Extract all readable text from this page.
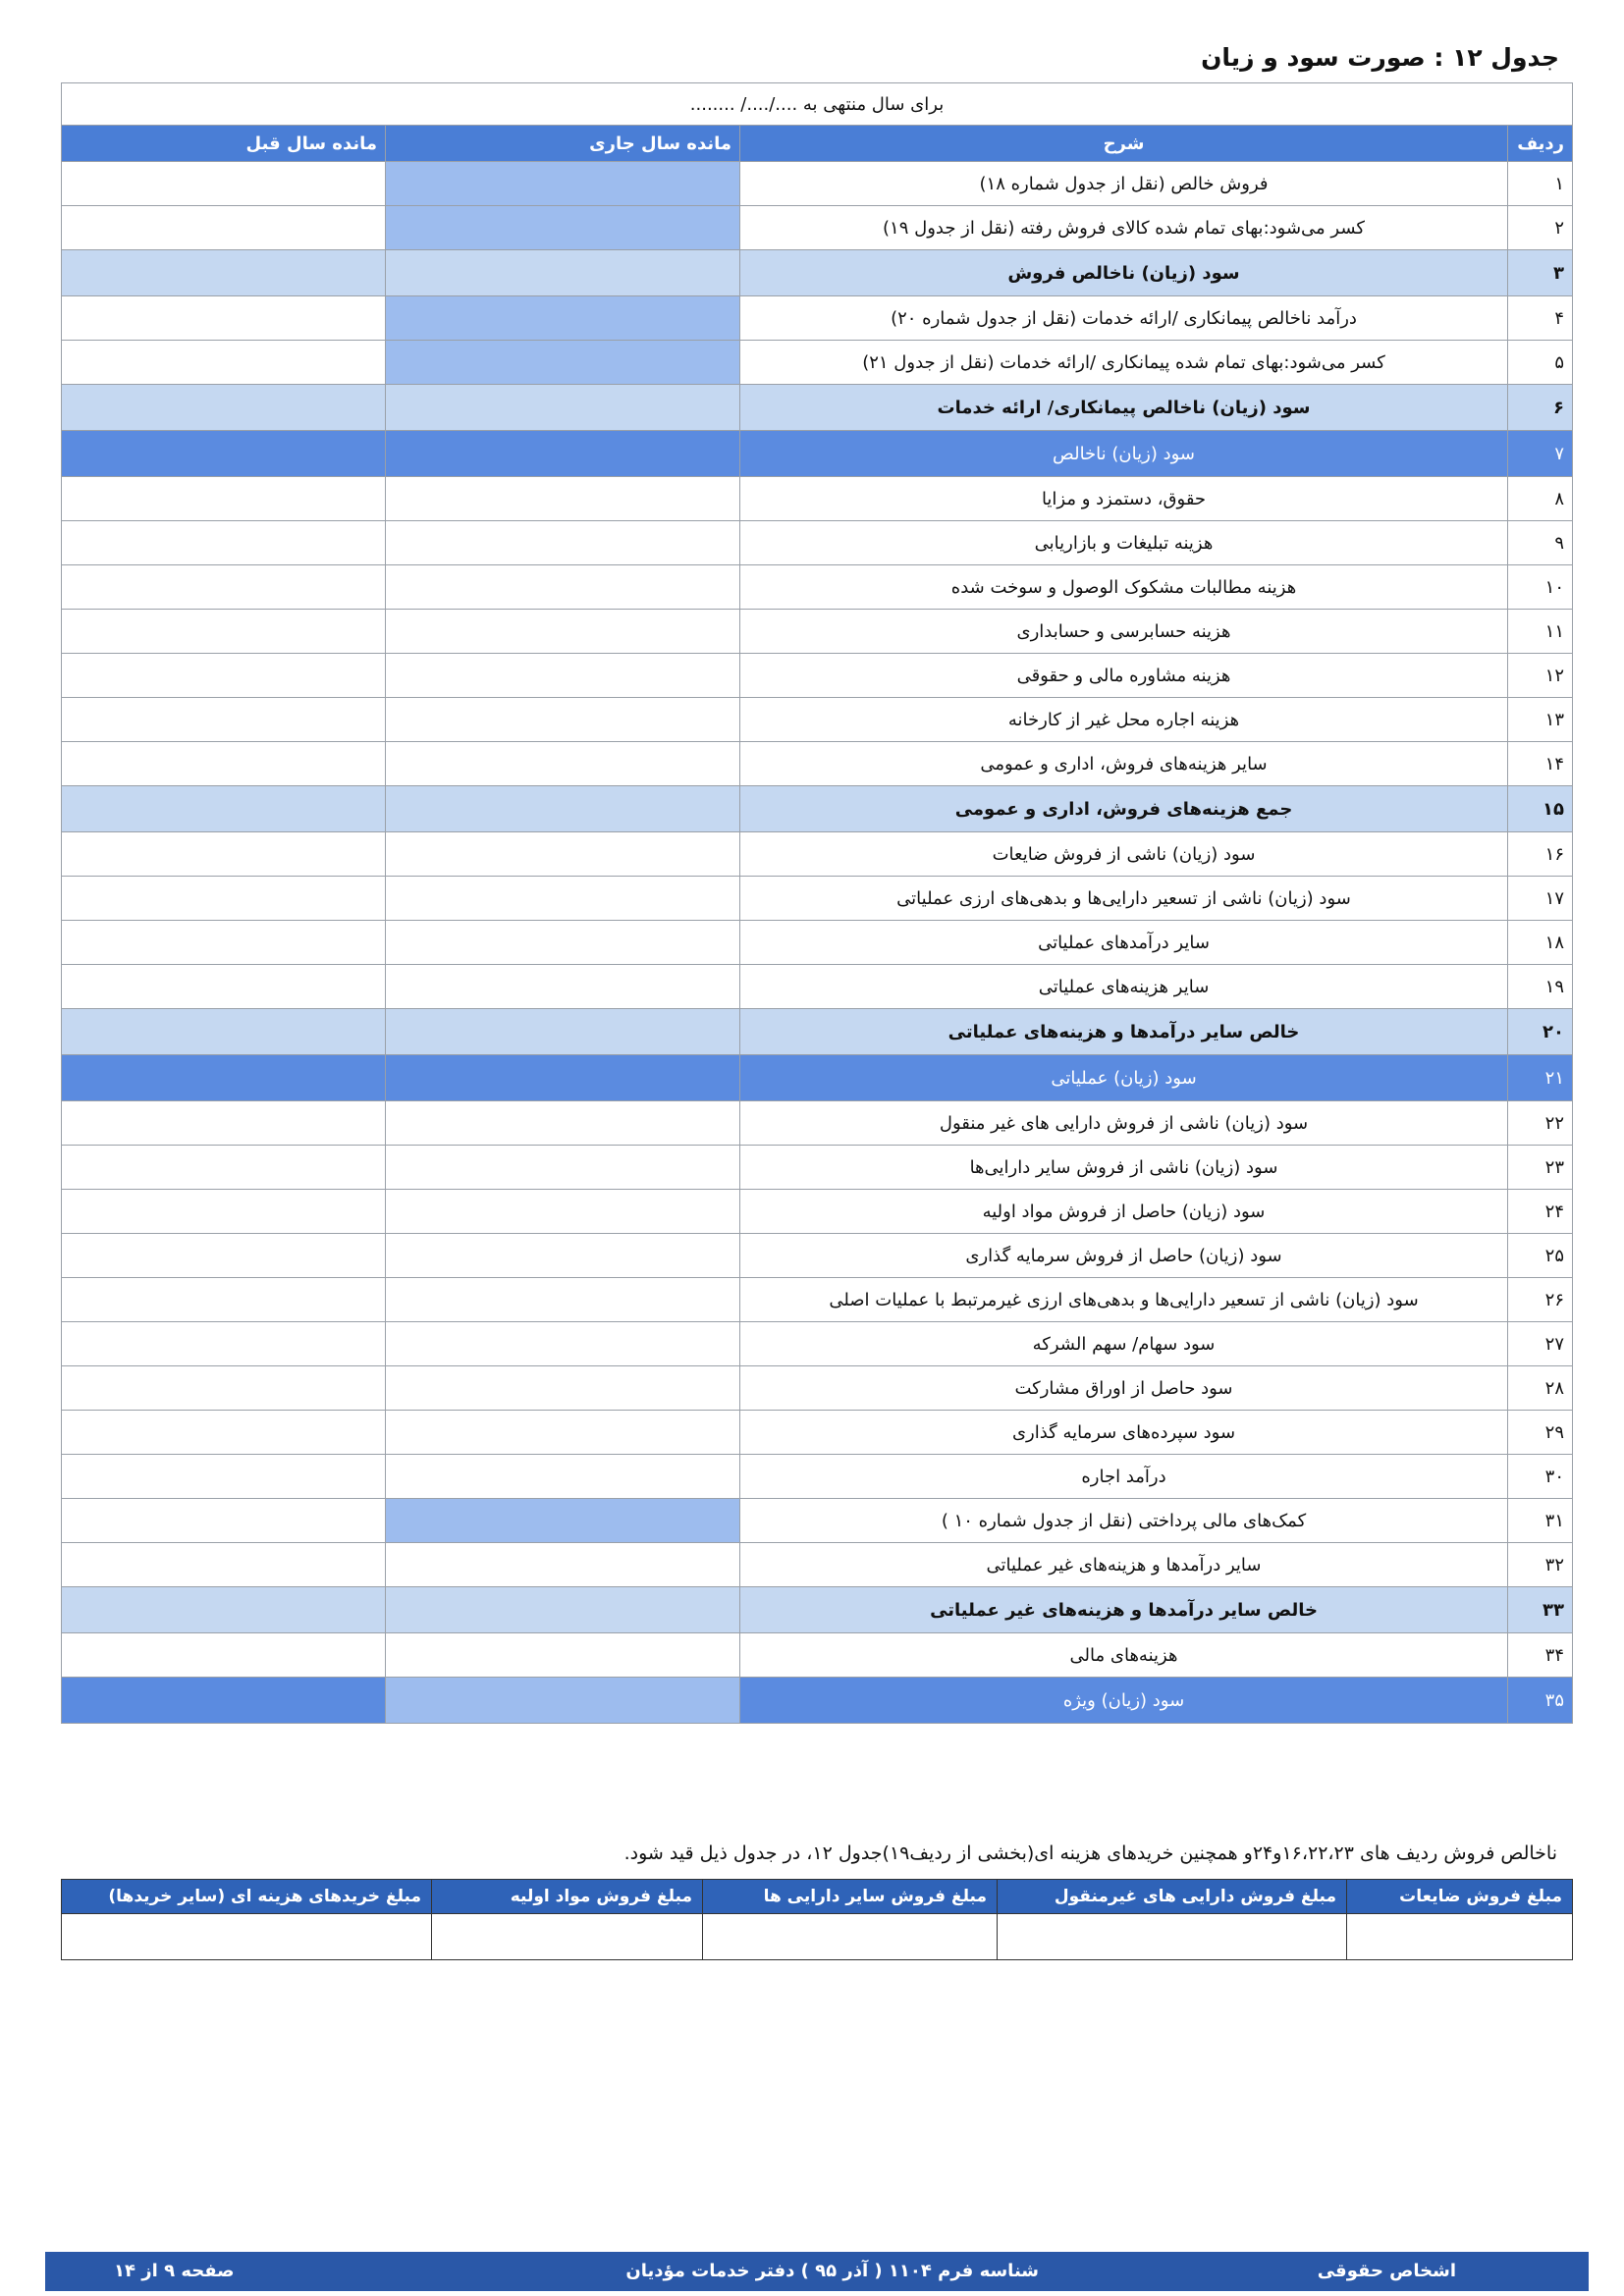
جدول ۱۲ : صورت سود و زیان
برای سال منتهی به ..../..../ ........			
ردیف	شرح	مانده سال جاری	مانده سال قبل
۱	فروش خالص (نقل از جدول شماره ۱۸)		
۲	کسر می‌شود:بهای تمام شده کالای فروش رفته (نقل از جدول ۱۹)		
۳	سود (زیان) ناخالص فروش		
۴	درآمد ناخالص پیمانکاری /ارائه خدمات (نقل از جدول شماره ۲۰)		
۵	کسر می‌شود:بهای تمام شده پیمانکاری /ارائه خدمات (نقل از جدول ۲۱)		
۶	سود (زیان) ناخالص پیمانکاری/ ارائه خدمات		
۷	سود (زیان) ناخالص		
۸	حقوق، دستمزد و مزایا		
۹	هزینه تبلیغات و بازاریابی		
۱۰	هزینه مطالبات مشکوک الوصول و سوخت شده		
۱۱	هزینه حسابرسی و حسابداری		
۱۲	هزینه مشاوره مالی و حقوقی		
۱۳	هزینه اجاره محل غیر از کارخانه		
۱۴	سایر هزینه‌های فروش، اداری و عمومی		
۱۵	جمع هزینه‌های فروش، اداری و عمومی		
۱۶	سود (زیان) ناشی از فروش ضایعات		
۱۷	سود (زیان) ناشی از تسعیر دارایی‌ها و بدهی‌های ارزی عملیاتی		
۱۸	سایر درآمدهای عملیاتی		
۱۹	سایر هزینه‌های عملیاتی		
۲۰	خالص سایر درآمدها و هزینه‌های عملیاتی		
۲۱	سود (زیان) عملیاتی		
۲۲	سود (زیان) ناشی از فروش دارایی های غیر منقول		
۲۳	سود (زیان) ناشی از فروش سایر دارایی‌ها		
۲۴	سود (زیان) حاصل از فروش مواد اولیه		
۲۵	سود (زیان) حاصل از فروش سرمایه گذاری		
۲۶	سود (زیان) ناشی از تسعیر دارایی‌ها و بدهی‌های ارزی غیرمرتبط با عملیات اصلی		
۲۷	سود سهام/ سهم الشرکه		
۲۸	سود حاصل از اوراق مشارکت		
۲۹	سود سپرده‌های سرمایه گذاری		
۳۰	درآمد اجاره		
۳۱	کمک‌های مالی پرداختی (نقل از جدول شماره ۱۰ )		
۳۲	سایر درآمدها و هزینه‌های غیر عملیاتی		
۳۳	خالص سایر درآمدها و هزینه‌های غیر عملیاتی		
۳۴	هزینه‌های مالی		
۳۵	سود (زیان) ویژه		
ناخالص فروش ردیف های ۱۶،۲۲،۲۳و۲۴و همچنین خریدهای هزینه ای(بخشی از ردیف۱۹)جدول ۱۲، در جدول ذیل قید شود.
مبلغ فروش ضایعات	مبلغ فروش دارایی های غیرمنقول	مبلغ فروش سایر دارایی ها	مبلغ فروش مواد اولیه	مبلغ خریدهای هزینه ای (سایر خریدها)

اشخاص حقوقی
شناسه فرم ۱۱۰۴ ( آذر ۹۵ ) دفتر خدمات مؤدیان
صفحه ۹ از ۱۴
